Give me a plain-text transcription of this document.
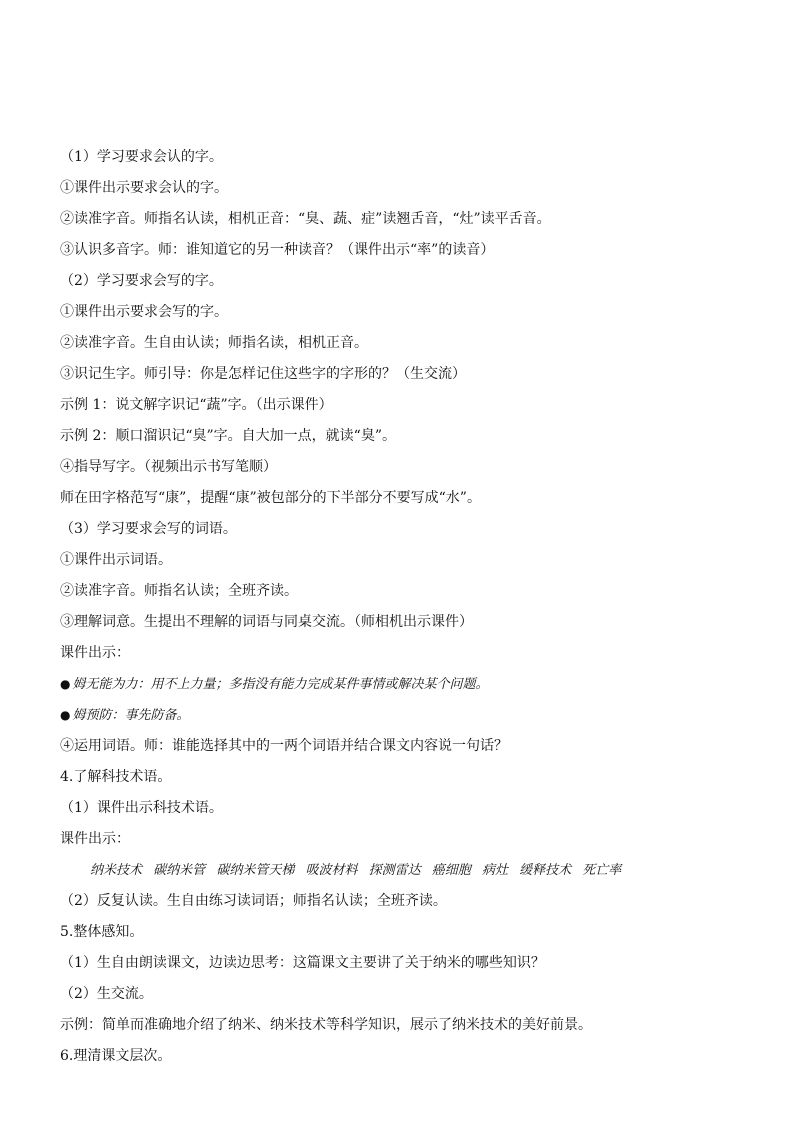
（1）学习要求会认的字。

①课件出示要求会认的字。

②读准字音。师指名认读，相机正音：“臭、蔬、症”读翘舌音，“灶”读平舌音。

③认识多音字。师：谁知道它的另一种读音？（课件出示“率”的读音）

（2）学习要求会写的字。

①课件出示要求会写的字。

②读准字音。生自由认读；师指名读，相机正音。

③识记生字。师引导：你是怎样记住这些字的字形的？（生交流）

示例 1：说文解字识记“蔬”字。（出示课件）

示例 2：顺口溜识记“臭”字。自大加一点，就读“臭”。

④指导写字。（视频出示书写笔顺）

师在田字格范写“康”，提醒“康”被包部分的下半部分不要写成“水”。

（3）学习要求会写的词语。

①课件出示词语。

②读准字音。师指名认读；全班齐读。

③理解词意。生提出不理解的词语与同桌交流。（师相机出示课件）

课件出示：

● 姆无能为力：用不上力量；多指没有能力完成某件事情或解决某个问题。

● 姆预防：事先防备。

④运用词语。师：谁能选择其中的一两个词语并结合课文内容说一句话？

4.了解科技术语。

（1）课件出示科技术语。

课件出示：

纳米技术 碳纳米管 碳纳米管天梯 吸波材料 探测雷达 癌细胞 病灶 缓释技术 死亡率

（2）反复认读。生自由练习读词语；师指名认读；全班齐读。

5.整体感知。

（1）生自由朗读课文，边读边思考：这篇课文主要讲了关于纳米的哪些知识？

（2）生交流。

示例：简单而准确地介绍了纳米、纳米技术等科学知识，展示了纳米技术的美好前景。

6.理清课文层次。
